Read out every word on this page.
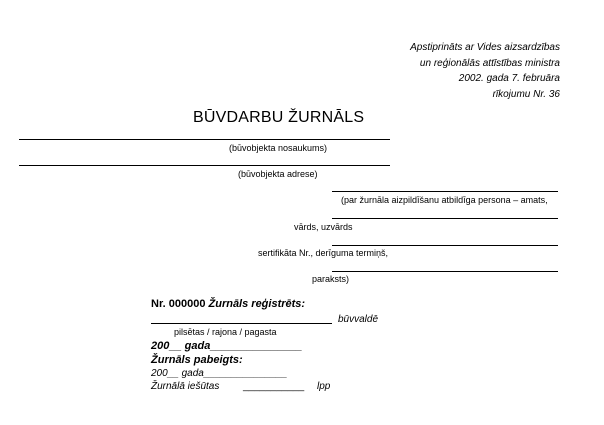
Apstiprināts ar Vides aizsardzības
un reģionālās attīstības ministra
2002. gada 7. februāra
rīkojumu Nr. 36
BŪVDARBU ŽURNĀLS
(būvobjekta nosaukums)
(būvobjekta adrese)
(par žurnāla aizpildīšanu atbildīga persona – amats,
vārds, uzvārds
sertifikāta Nr., derīguma termiņš,
paraksts)
Nr. 000000 Žurnāls reģistrēts:
būvvaldē
pilsētas / rajona / pagasta
200__ gada_______________
Žurnāls pabeigts:
200__ gada_______________
Žurnālā iešūtas ___________ lpp
